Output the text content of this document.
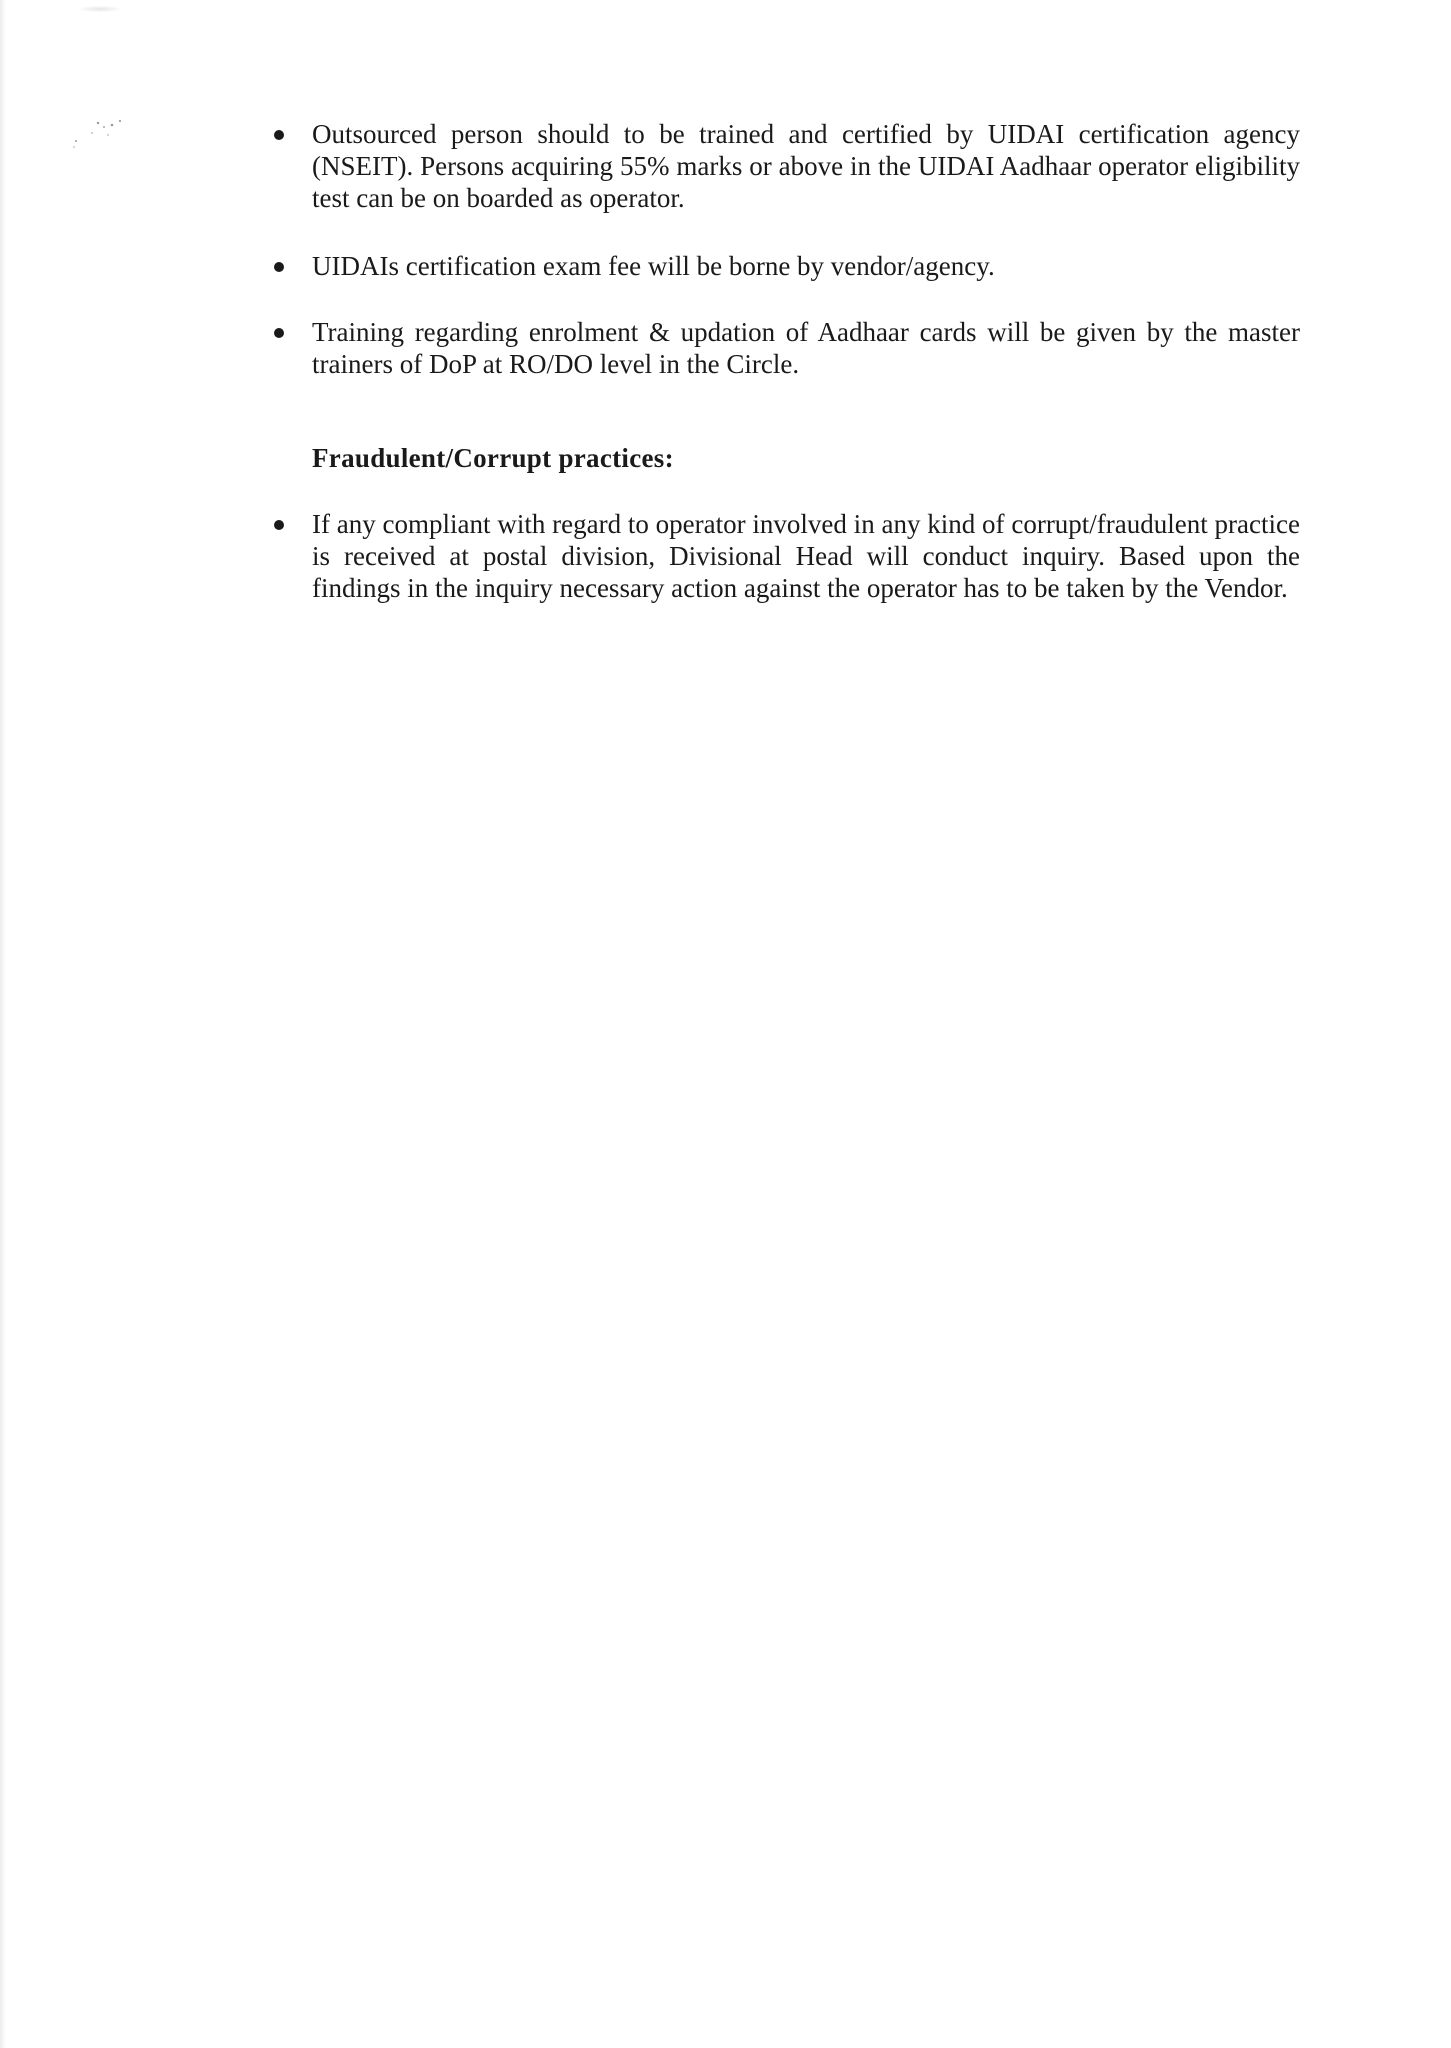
Outsourced person should to be trained and certified by UIDAI certification agency (NSEIT). Persons acquiring 55% marks or above in the UIDAI Aadhaar operator eligibility test can be on boarded as operator.
UIDAIs certification exam fee will be borne by vendor/agency.
Training regarding enrolment & updation of Aadhaar cards will be given by the master trainers of DoP at RO/DO level in the Circle.
Fraudulent/Corrupt practices:
If any compliant with regard to operator involved in any kind of corrupt/fraudulent practice is received at postal division, Divisional Head will conduct inquiry. Based upon the findings in the inquiry necessary action against the operator has to be taken by the Vendor.
